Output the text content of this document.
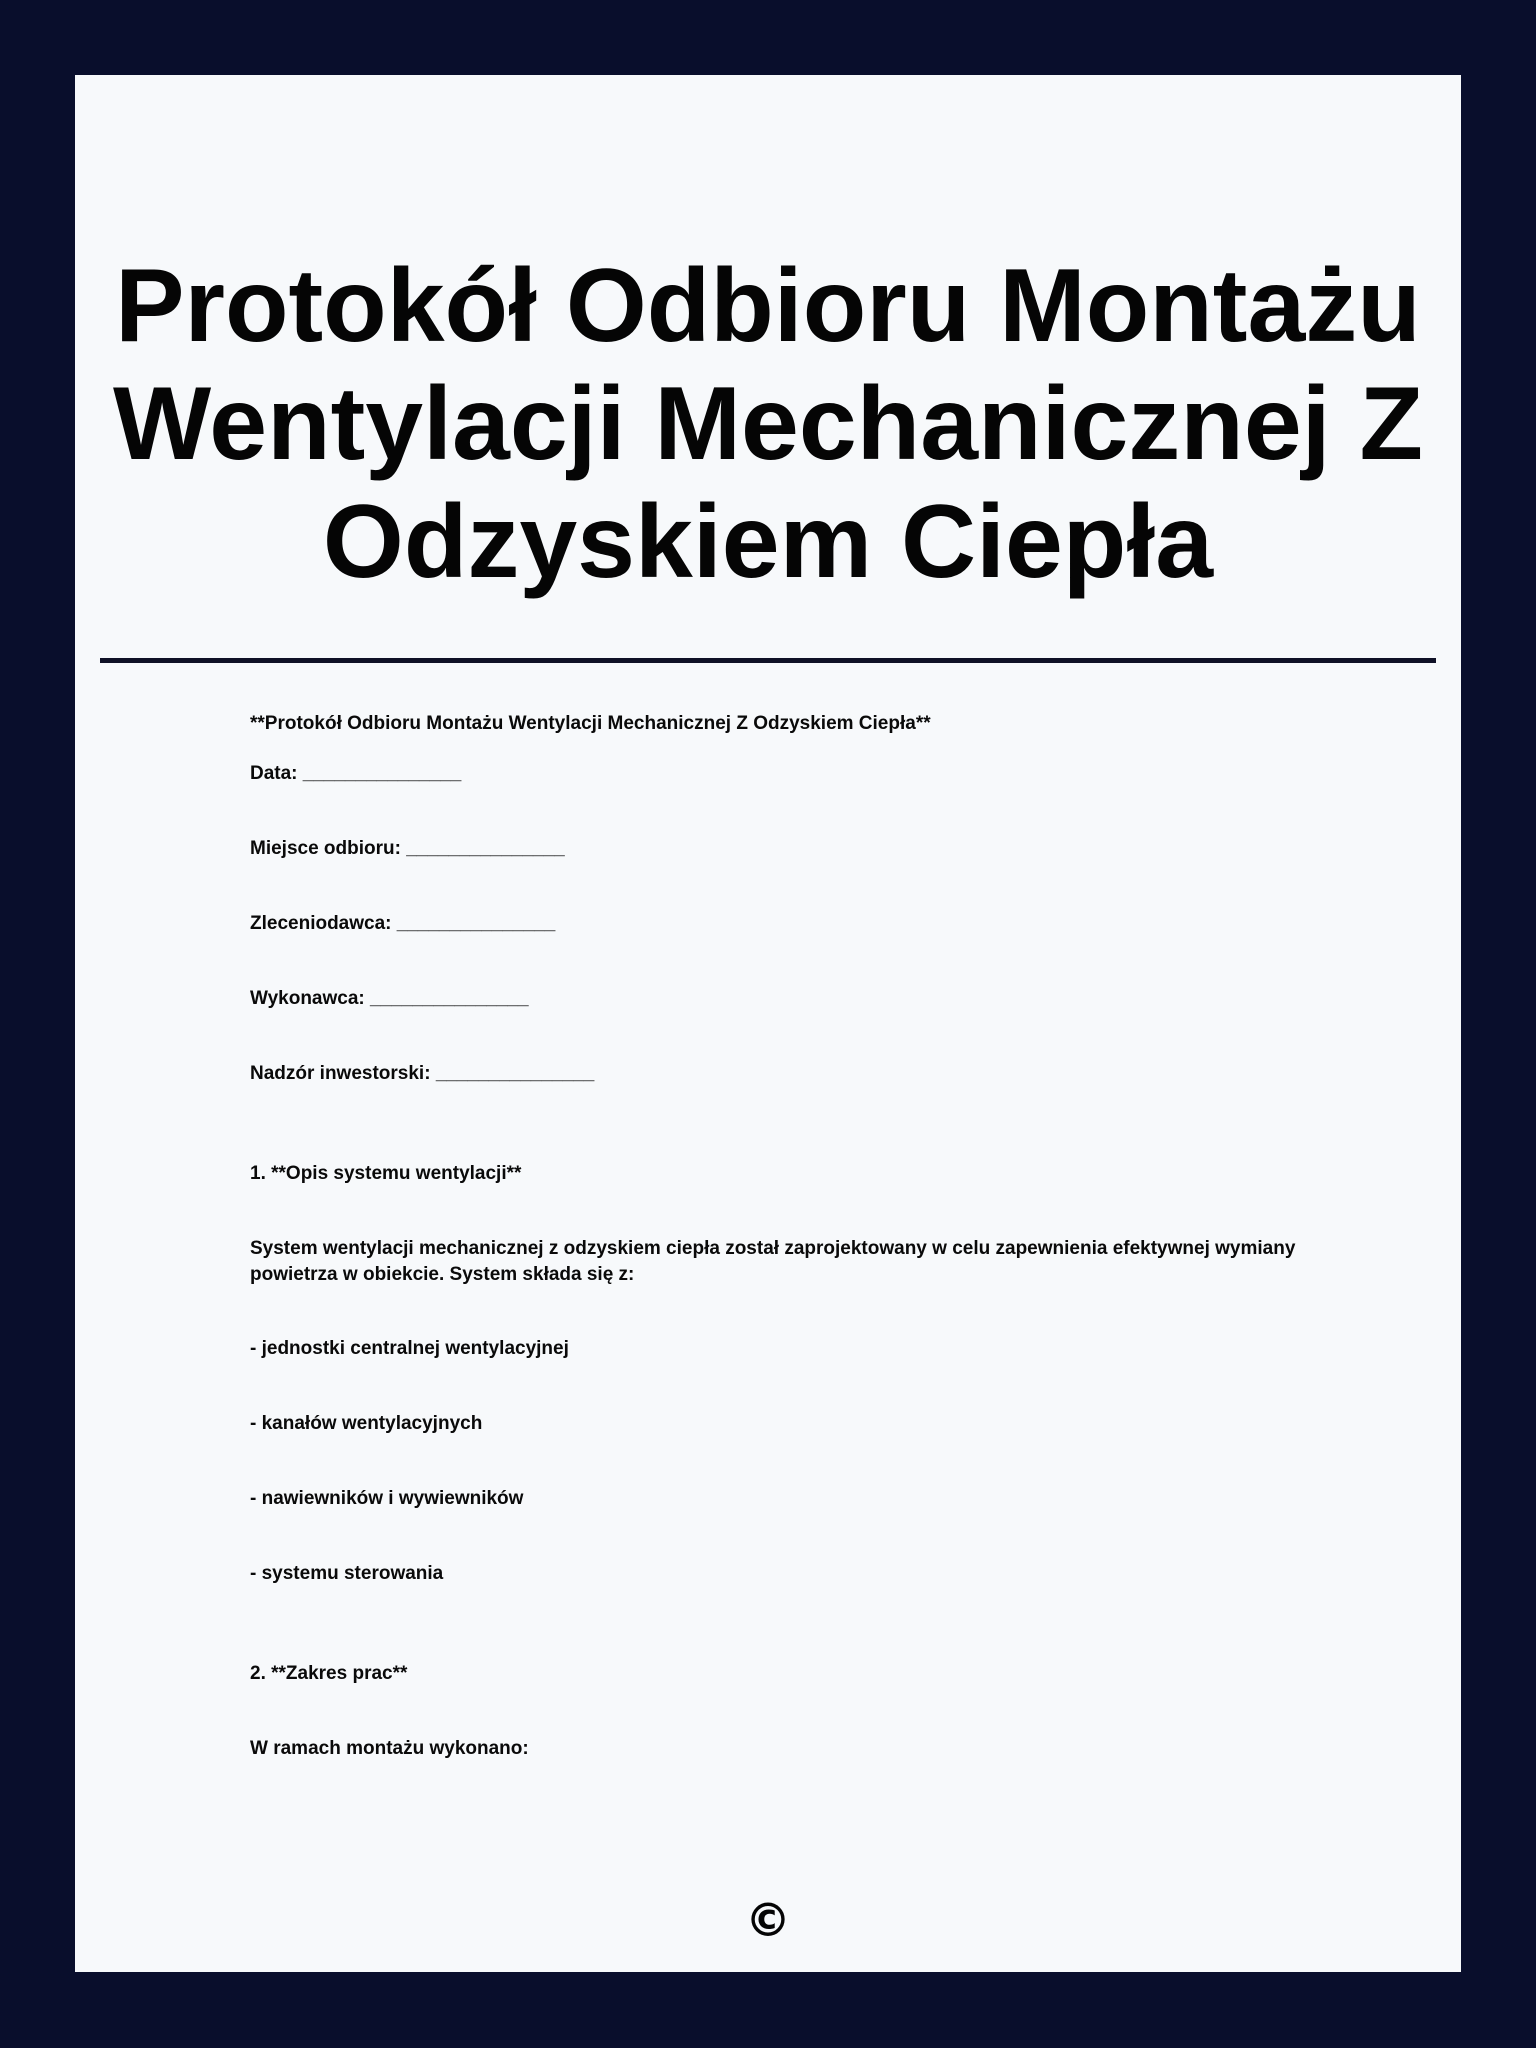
Protokół Odbioru Montażu Wentylacji Mechanicznej Z Odzyskiem Ciepła
**Protokół Odbioru Montażu Wentylacji Mechanicznej Z Odzyskiem Ciepła**
Data: _______________
Miejsce odbioru: _______________
Zleceniodawca: _______________
Wykonawca: _______________
Nadzór inwestorski: _______________
1. **Opis systemu wentylacji**
System wentylacji mechanicznej z odzyskiem ciepła został zaprojektowany w celu zapewnienia efektywnej wymiany powietrza w obiekcie. System składa się z:
- jednostki centralnej wentylacyjnej
- kanałów wentylacyjnych
- nawiewników i wywiewników
- systemu sterowania
2. **Zakres prac**
W ramach montażu wykonano:
©
